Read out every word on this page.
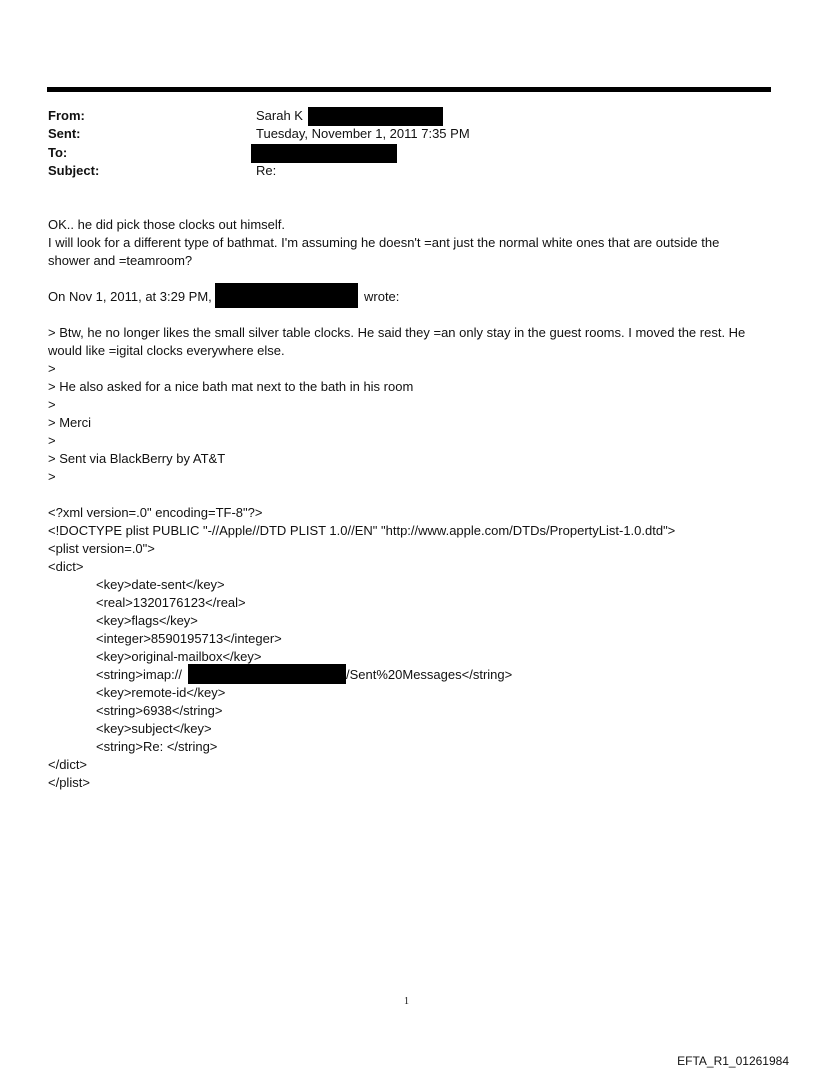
From:	Sarah K
Sent:	Tuesday, November 1, 2011 7:35 PM
To:
Subject:	Re:
OK.. he did pick those clocks out himself.
I will look for a different type of bathmat. I'm assuming he doesn't =ant just the normal white ones that are outside the
shower and =teamroom?
On Nov 1, 2011, at 3:29 PM,	wrote:
> Btw, he no longer likes the small silver table clocks. He said they =an only stay in the guest rooms. I moved the rest. He
would like =igital clocks everywhere else.
>
> He also asked for a nice bath mat next to the bath in his room
>
> Merci
>
> Sent via BlackBerry by AT&T
>
<?xml version=.0" encoding=TF-8"?>
<!DOCTYPE plist PUBLIC "-//Apple//DTD PLIST 1.0//EN" "http://www.apple.com/DTDs/PropertyList-1.0.dtd">
<plist version=.0">
<dict>
<key>date-sent</key>
<real>1320176123</real>
<key>flags</key>
<integer>8590195713</integer>
<key>original-mailbox</key>
<string>imap://	/Sent%20Messages</string>
<key>remote-id</key>
<string>6938</string>
<key>subject</key>
<string>Re: </string>
</dict>
</plist>
1
EFTA_R1_01261984
